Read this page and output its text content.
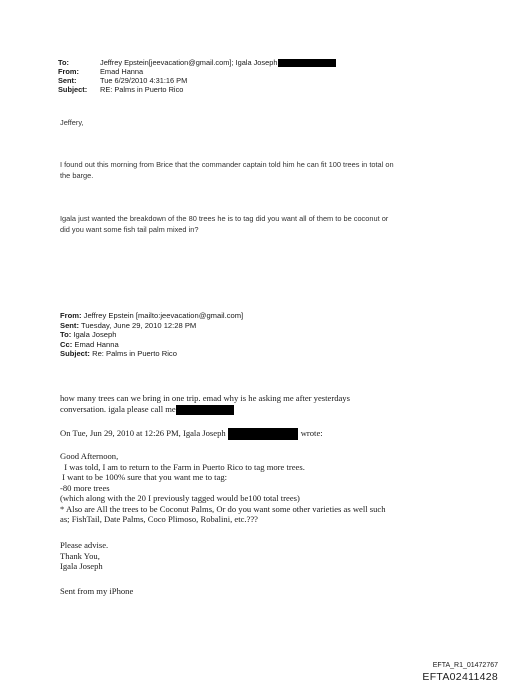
To:	Jeffrey Epstein[jeevacation@gmail.com]; Igala Joseph
From:	Emad Hanna
Sent:	Tue 6/29/2010 4:31:16 PM
Subject: RE: Palms in Puerto Rico
Jeffery,
I found out this morning from Brice that the commander captain told him he can fit 100 trees in total on
the barge.
Igala just wanted the breakdown of the 80 trees he is to tag did you want all of them to be coconut or
did you want some fish tail palm mixed in?
From: Jeffrey Epstein [mailto:jeevacation@gmail.com]
Sent: Tuesday, June 29, 2010 12:28 PM
To: Igala Joseph
Cc: Emad Hanna
Subject: Re: Palms in Puerto Rico
how many trees can we bring in one trip. emad why is he asking me after yesterdays
conversation. igala please call me
On Tue, Jun 29, 2010 at 12:26 PM, Igala Joseph	wrote:
Good Afternoon,
I was told, I am to return to the Farm in Puerto Rico to tag more trees.
I want to be 100% sure that you want me to tag:
-80 more trees
(which along with the 20 I previously tagged would be100 total trees)
* Also are All the trees to be Coconut Palms, Or do you want some other varieties as well such
as; FishTail, Date Palms, Coco Plimoso, Robalini, etc.???
Please advise.
Thank You,
Igala Joseph
Sent from my iPhone
EFTA_R1_01472767
EFTA02411428
